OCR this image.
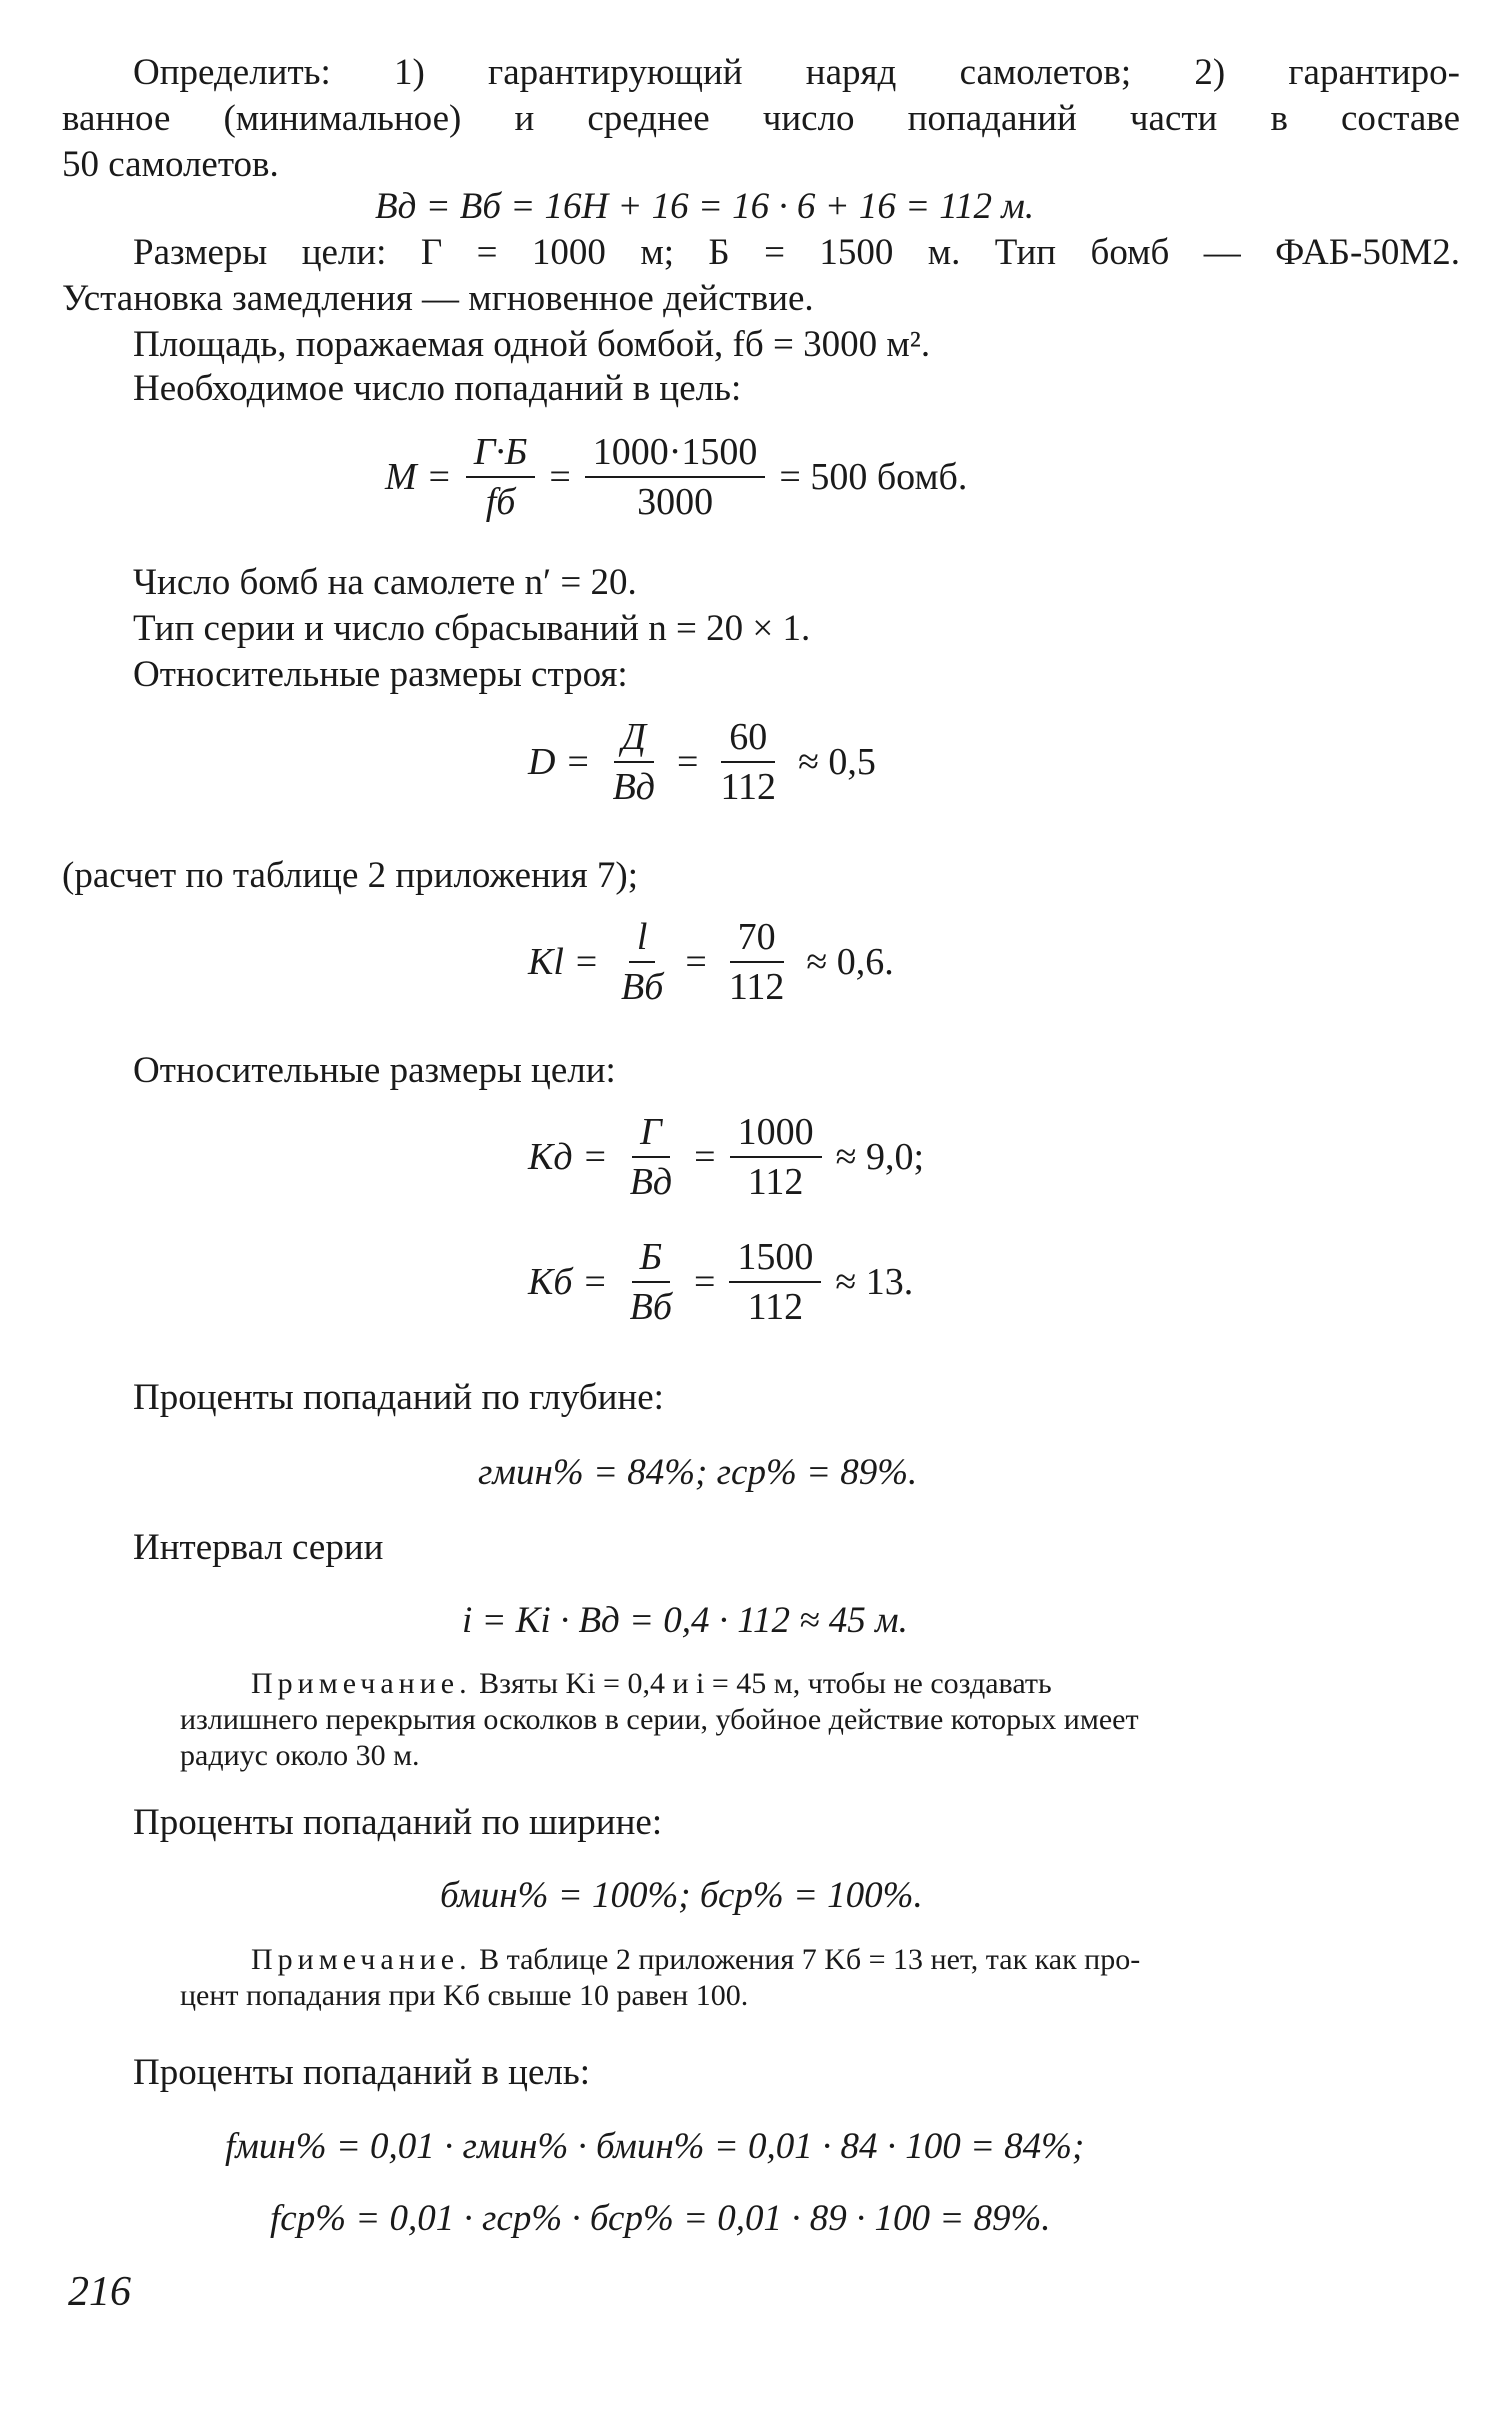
Определить: 1) гарантирующий наряд самолетов; 2) гарантиро-
ванное (минимальное) и среднее число попаданий части в составе
50 самолетов.
Bд = Bб = 16H + 16 = 16 · 6 + 16 = 112 м.
Размеры цели: Г = 1000 м; Б = 1500 м. Тип бомб — ФАБ-50М2.
Установка замедления — мгновенное действие.
Площадь, поражаемая одной бомбой, fб = 3000 м².
Необходимое число попаданий в цель:
$M = \frac{Г\cdot Б}{fб} = \frac{1000\cdot 1500}{3000} = 500$ бомб.
Число бомб на самолете n′ = 20.
Тип серии и число сбрасываний n = 20 × 1.
Относительные размеры строя:
$D = \frac{Д}{Bд} = \frac{60}{112} \approx 0,5$
(расчет по таблице 2 приложения 7);
$Kl = \frac{l}{Bб} = \frac{70}{112} \approx 0,6$.
Относительные размеры цели:
Kд = $\frac{Г}{Bд} = \frac{1000}{112} \approx 9,0$;
Kб = $\frac{Б}{Bб} = \frac{1500}{112} \approx 13$.
Проценты попаданий по глубине:
гмин% = 84%; гср% = 89%.
Интервал серии
i = Ki · Bд = 0,4 · 112 ≈ 45 м.
Примечание. Взяты Ki = 0,4 и i = 45 м, чтобы не создавать
излишнего перекрытия осколков в серии, убойное действие которых имеет
радиус около 30 м.
Проценты попаданий по ширине:
бмин% = 100%; бср% = 100%.
Примечание. В таблице 2 приложения 7 Kб = 13 нет, так как про-
цент попадания при Kб свыше 10 равен 100.
Проценты попаданий в цель:
fмин% = 0,01 · гмин% · бмин% = 0,01 · 84 · 100 = 84%;
fср% = 0,01 · гср% · бср% = 0,01 · 89 · 100 = 89%.
216
